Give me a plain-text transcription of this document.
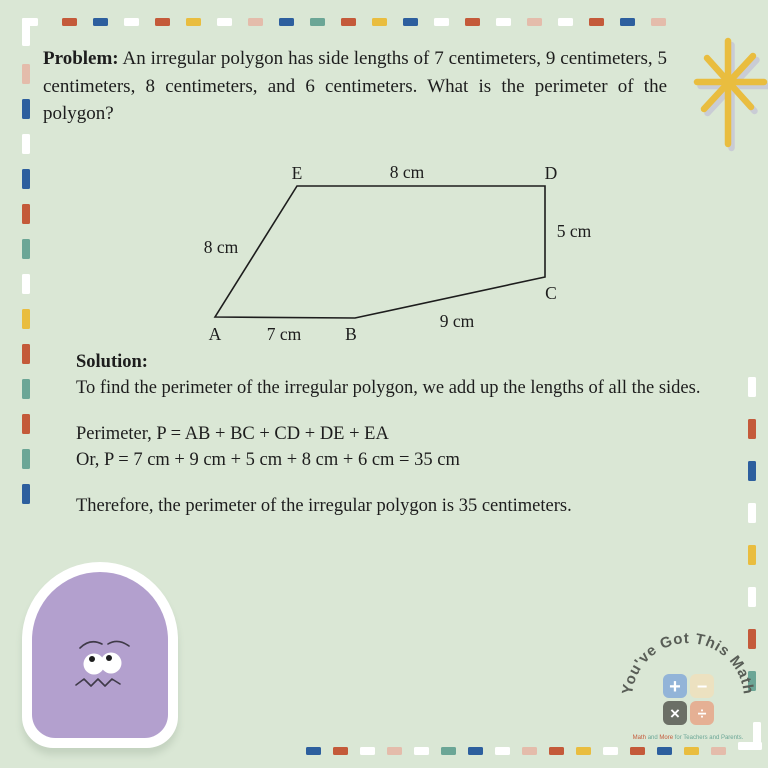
Problem: An irregular polygon has side lengths of 7 centimeters, 9 centimeters, 5 centimeters, 8 centimeters, and 6 centimeters. What is the perimeter of the polygon?
E	8 cm	D
5 cm
C
9 cm
B
7 cm
A
8 cm
Solution:
To find the perimeter of the irregular polygon, we add up the lengths of all the sides.
Perimeter, P = AB + BC + CD + DE + EA
Or, P = 7 cm + 9 cm + 5 cm + 8 cm + 6 cm = 35 cm
Therefore, the perimeter of the irregular polygon is 35 centimeters.
You've Got This Math
+ −
× ÷
Math and More for Teachers and Parents.
